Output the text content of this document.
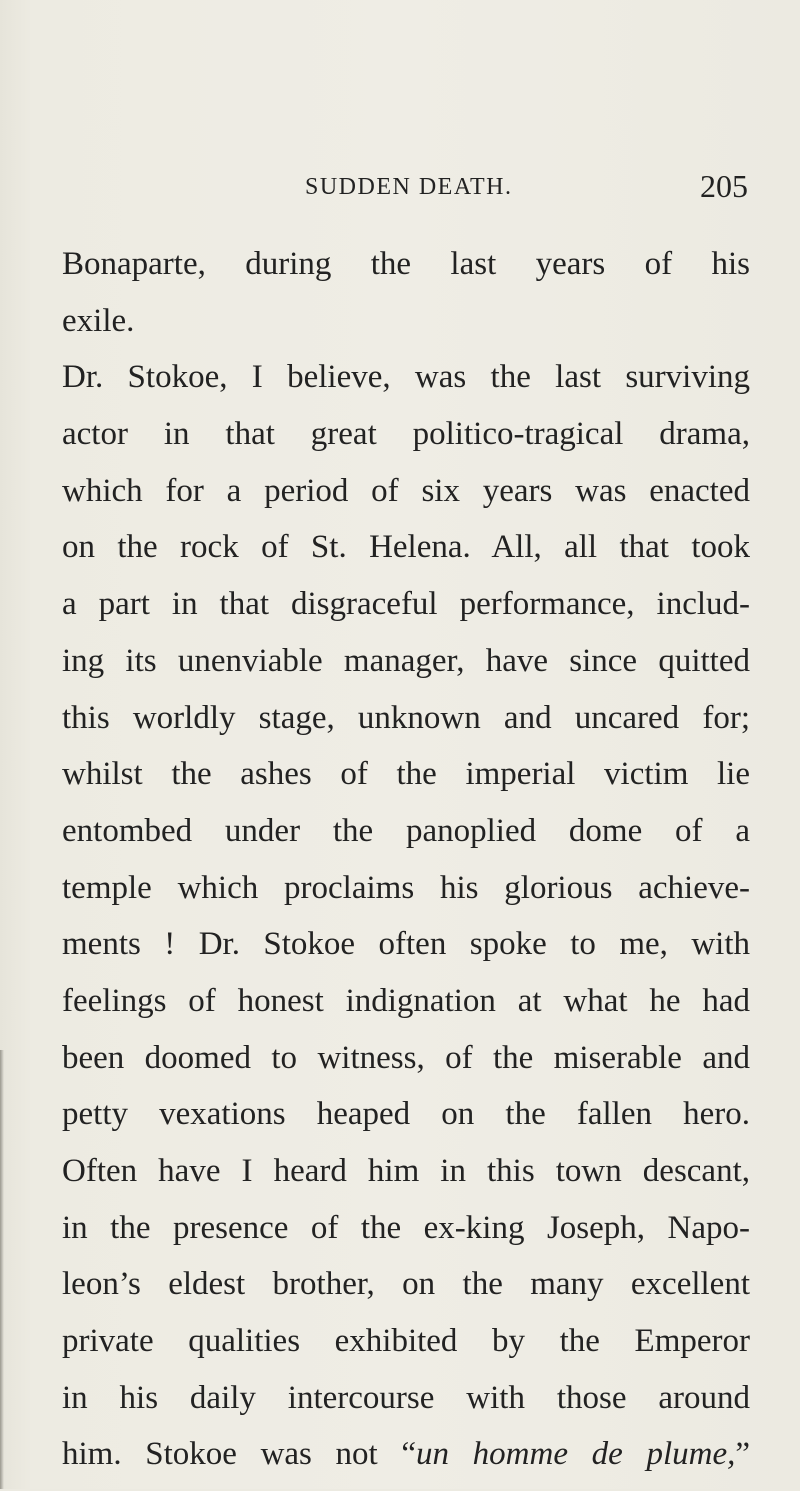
SUDDEN DEATH.	205
Bonaparte, during the last years of his
exile.
Dr. Stokoe, I believe, was the last surviving
actor in that great politico-tragical drama,
which for a period of six years was enacted
on the rock of St. Helena. All, all that took
a part in that disgraceful performance, includ-
ing its unenviable manager, have since quitted
this worldly stage, unknown and uncared for;
whilst the ashes of the imperial victim lie
entombed under the panoplied dome of a
temple which proclaims his glorious achieve-
ments ! Dr. Stokoe often spoke to me, with
feelings of honest indignation at what he had
been doomed to witness, of the miserable and
petty vexations heaped on the fallen hero.
Often have I heard him in this town descant,
in the presence of the ex-king Joseph, Napo-
leon’s eldest brother, on the many excellent
private qualities exhibited by the Emperor
in his daily intercourse with those around
him. Stokoe was not “un homme de plume,”
